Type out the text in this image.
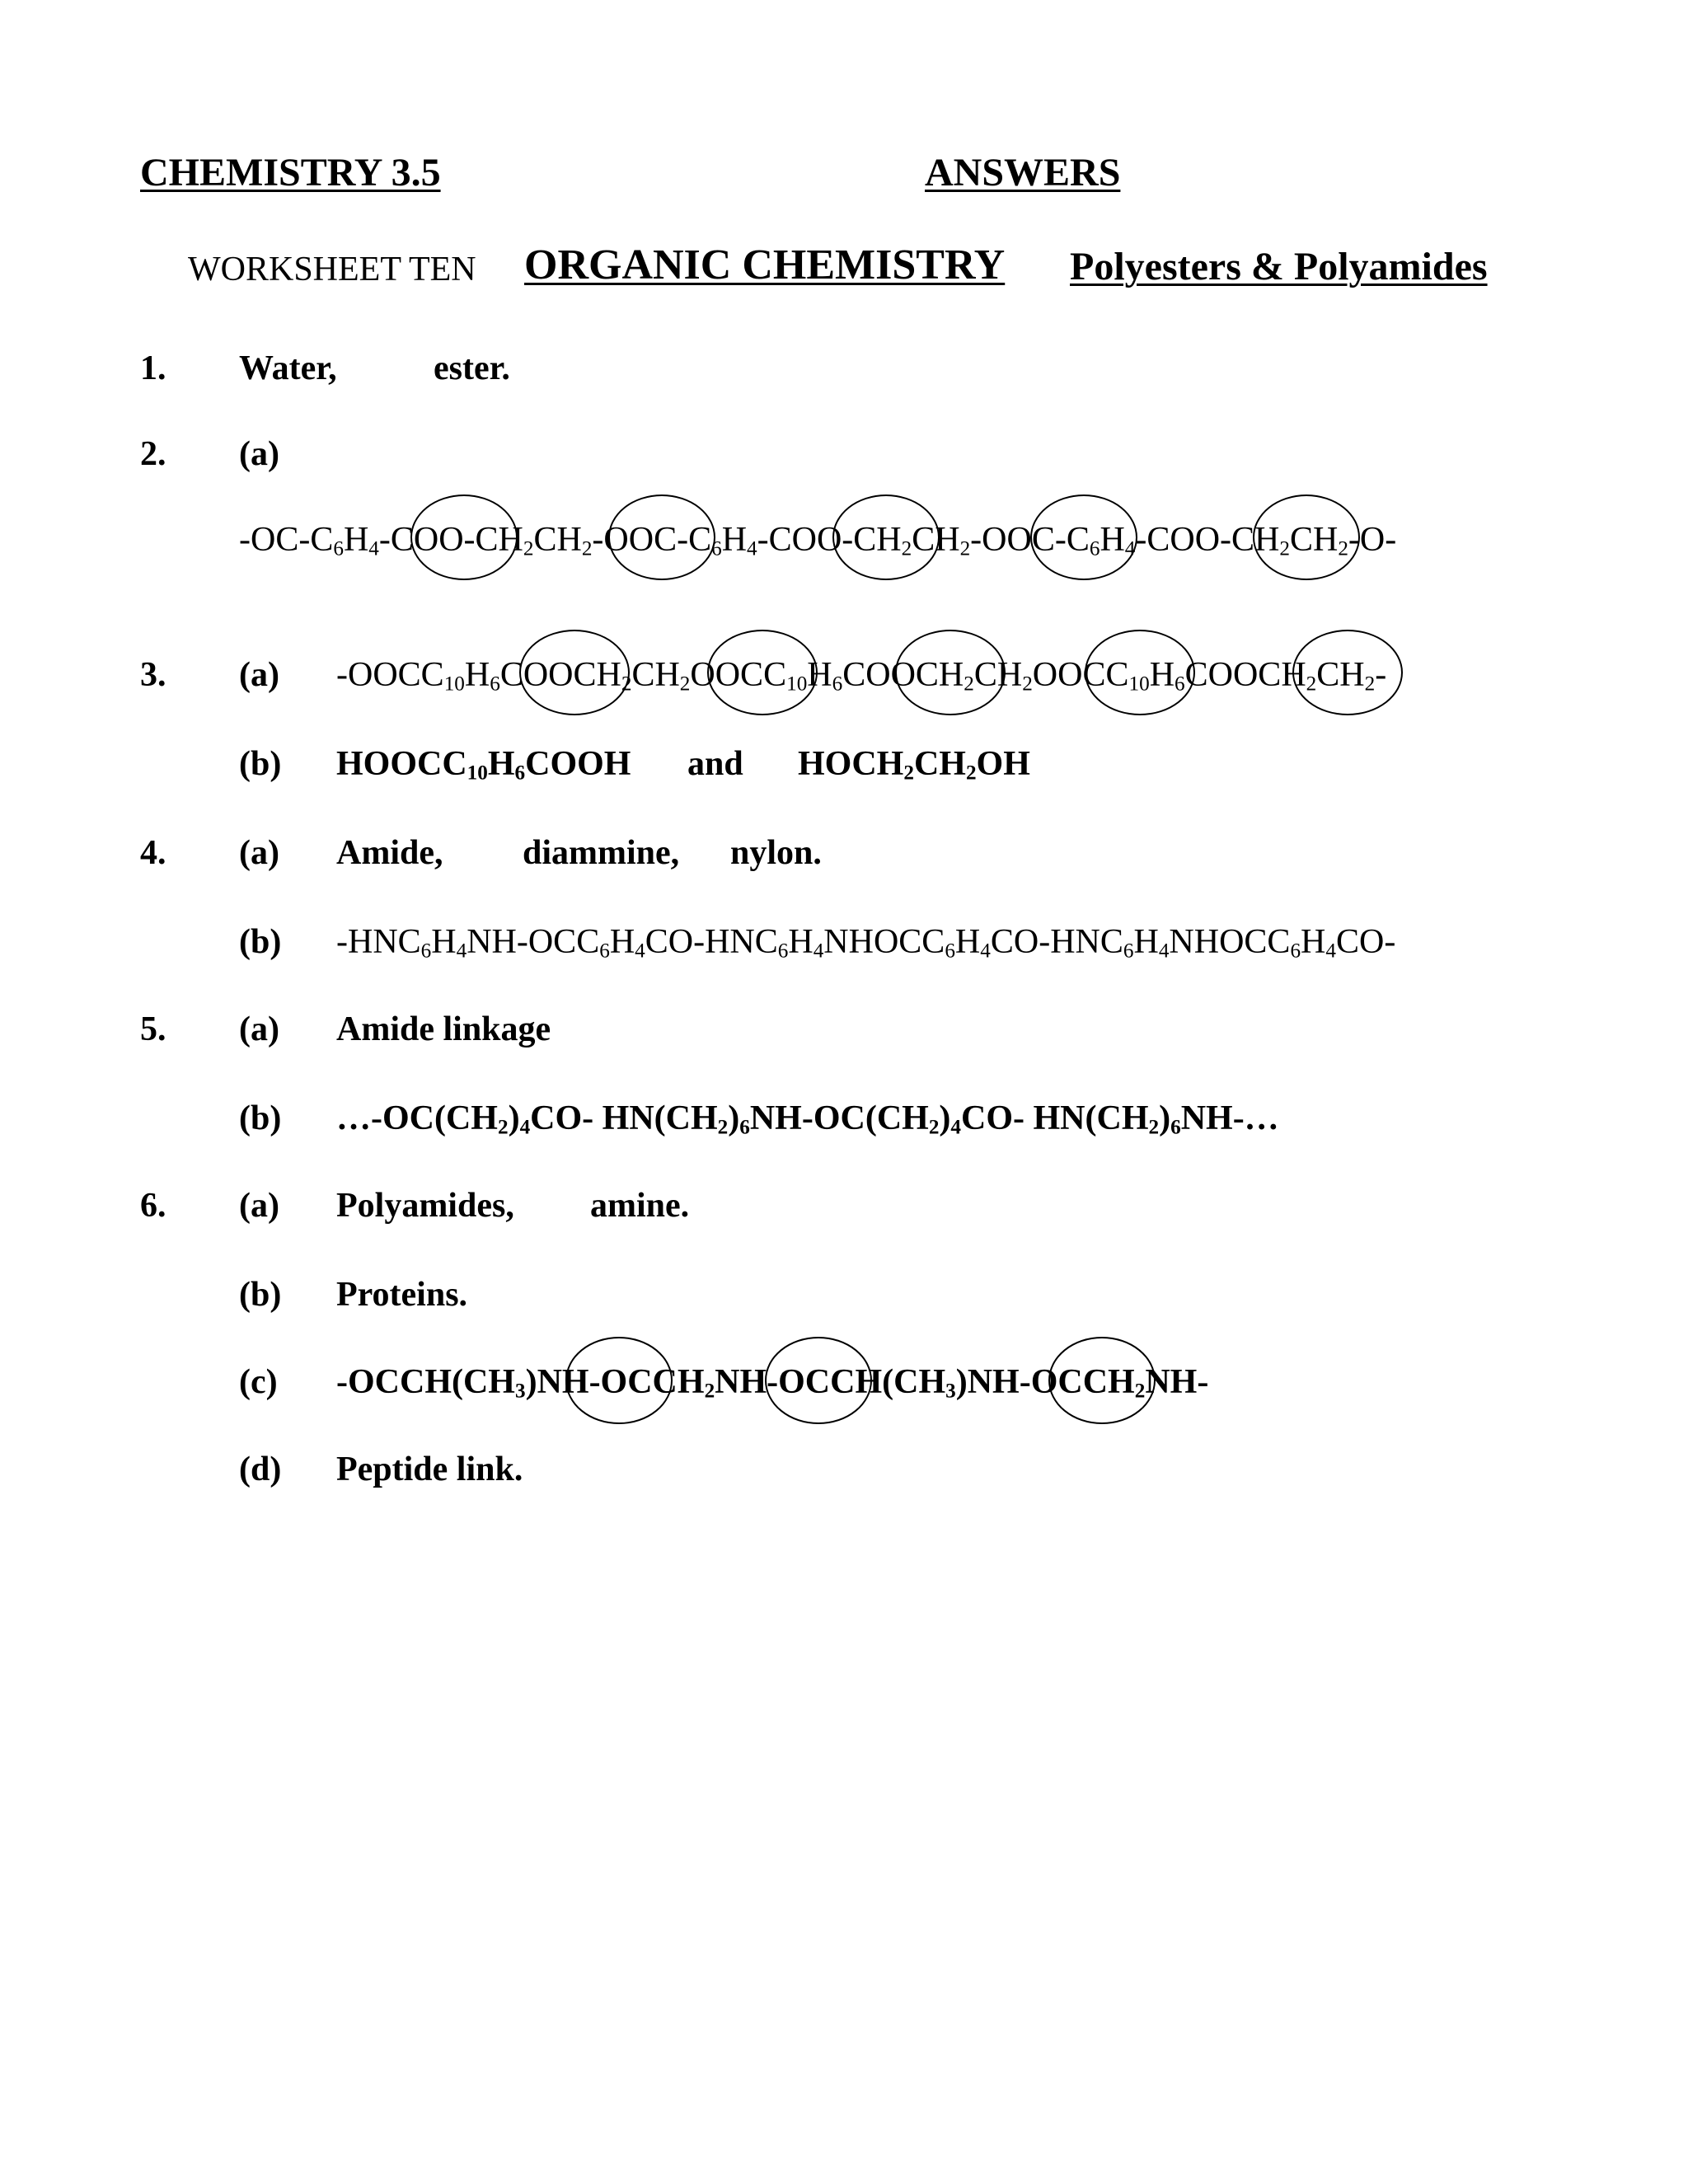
CHEMISTRY 3.5	ANSWERS
WORKSHEET TEN ORGANIC CHEMISTRY Polyesters & Polyamides
1. Water,	ester.
2. (a)
$-OC-C_6H_4-COO-CH_2CH_2-OOC-C_6H_4-COO-CH_2CH_2-OOC-C_6H_4-COO-CH_2CH_2-O-$
3. (a) $-OOCC_{10}H_6COOCH_2CH_2OOCC_{10}H_6COOCH_2CH_2OOCC_{10}H_6COOCH_2CH_2-$
(b) $HOOCC_{10}H_6COOH$ and $HOCH_2CH_2OH$
4. (a) Amide, diammine, nylon.
(b) $-HNC_6H_4NH-OCC_6H_4CO-HNC_6H_4NHOCC_6H_4CO-HNC_6H_4NHOCC_6H_4CO-$
5. (a) Amide linkage
(b) $\dots-OC(CH_2)_4CO-$ $HN(CH_2)_6NH-OC(CH_2)_4CO-$ $HN(CH_2)_6NH-\dots$
6. (a) Polyamides, amine.
(b) Proteins.
(c) $-OCCH(CH_3)NH-OCCH_2NH-OCCH(CH_3)NH-OCCH_2NH-$
(d) Peptide link.
